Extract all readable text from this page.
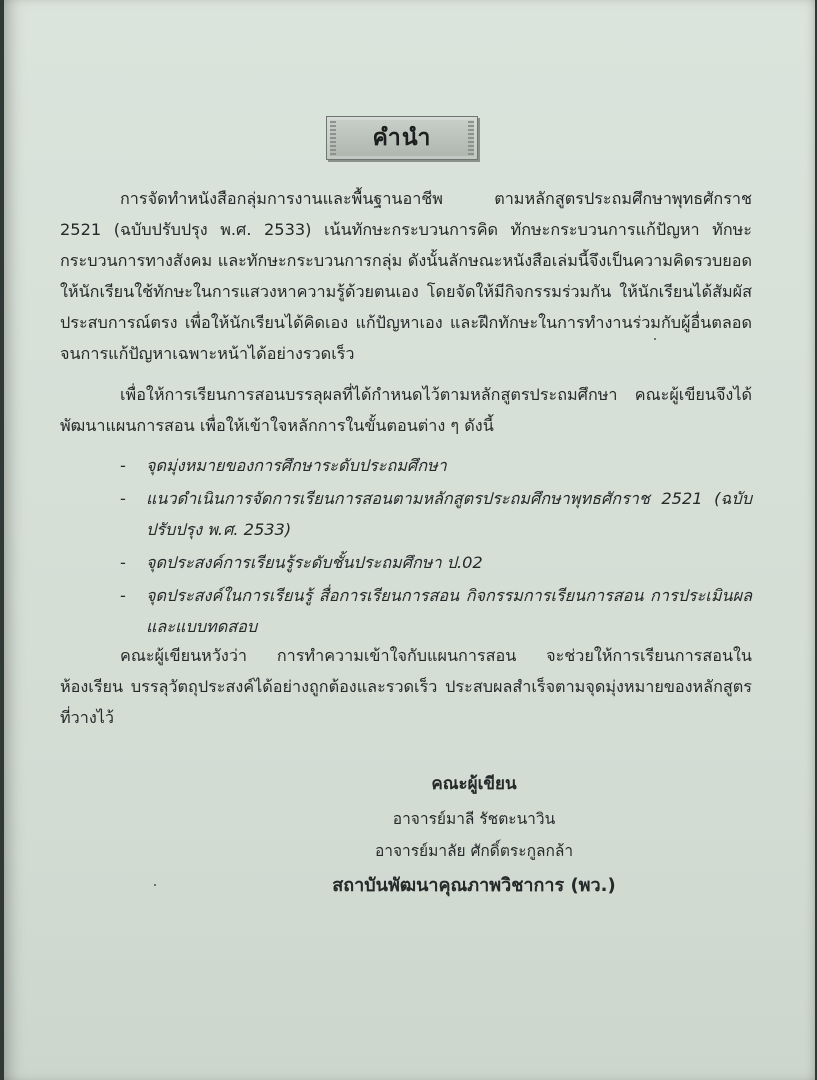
คำนำ

การจัดทำหนังสือกลุ่มการงานและพื้นฐานอาชีพ ตามหลักสูตรประถมศึกษาพุทธศักราช 2521 (ฉบับปรับปรุง พ.ศ. 2533) เน้นทักษะกระบวนการคิด ทักษะกระบวนการแก้ปัญหา ทักษะกระบวนการทางสังคม และทักษะกระบวนการกลุ่ม ดังนั้นลักษณะหนังสือเล่มนี้จึงเป็นความคิดรวบยอด ให้นักเรียนใช้ทักษะในการแสวงหาความรู้ด้วยตนเอง โดยจัดให้มีกิจกรรมร่วมกัน ให้นักเรียนได้สัมผัสประสบการณ์ตรง เพื่อให้นักเรียนได้คิดเอง แก้ปัญหาเอง และฝึกทักษะในการทำงานร่วมกับผู้อื่นตลอดจนการแก้ปัญหาเฉพาะหน้าได้อย่างรวดเร็ว

เพื่อให้การเรียนการสอนบรรลุผลที่ได้กำหนดไว้ตามหลักสูตรประถมศึกษา คณะผู้เขียนจึงได้พัฒนาแผนการสอน เพื่อให้เข้าใจหลักการในขั้นตอนต่าง ๆ ดังนี้

- จุดมุ่งหมายของการศึกษาระดับประถมศึกษา
- แนวดำเนินการจัดการเรียนการสอนตามหลักสูตรประถมศึกษาพุทธศักราช 2521 (ฉบับปรับปรุง พ.ศ. 2533)
- จุดประสงค์การเรียนรู้ระดับชั้นประถมศึกษา ป.02
- จุดประสงค์ในการเรียนรู้ สื่อการเรียนการสอน กิจกรรมการเรียนการสอน การประเมินผลและแบบทดสอบ

คณะผู้เขียนหวังว่า การทำความเข้าใจกับแผนการสอน จะช่วยให้การเรียนการสอนในห้องเรียน บรรลุวัตถุประสงค์ได้อย่างถูกต้องและรวดเร็ว ประสบผลสำเร็จตามจุดมุ่งหมายของหลักสูตรที่วางไว้

คณะผู้เขียน
อาจารย์มาลี รัชตะนาวิน
อาจารย์มาลัย ศักดิ์ตระกูลกล้า
สถาบันพัฒนาคุณภาพวิชาการ (พว.)
